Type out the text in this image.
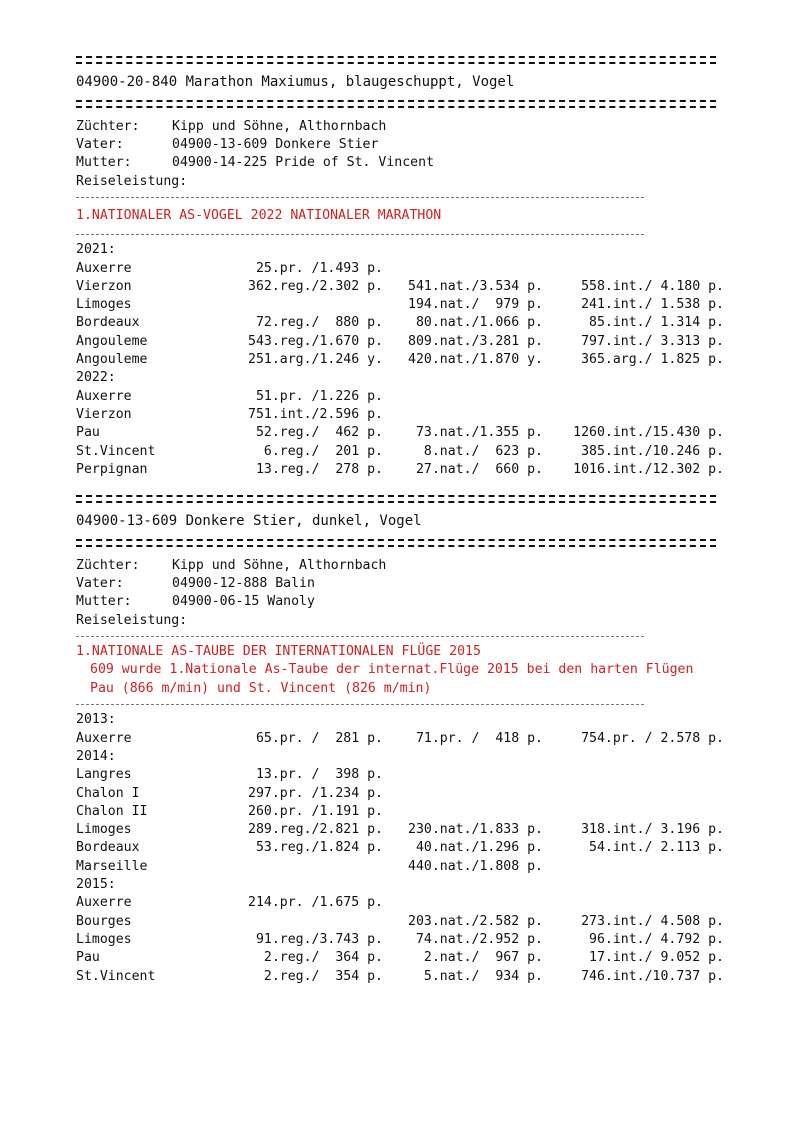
04900-20-840 Marathon Maxiumus, blaugeschuppt, Vogel
Züchter: Kipp und Söhne, Althornbach
Vater:	04900-13-609 Donkere Stier
Mutter:	04900-14-225 Pride of St. Vincent
Reiseleistung:
1.NATIONALER AS-VOGEL 2022 NATIONALER MARATHON
2021:
Auxerre	25.pr. /1.493 p.
Vierzon	362.reg./2.302 p. 541.nat./3.534 p.	558.int./ 4.180 p.
Limoges	194.nat./  979 p.	241.int./ 1.538 p.
Bordeaux	72.reg./  880 p. 80.nat./1.066 p.	85.int./ 1.314 p.
Angouleme	543.reg./1.670 p. 809.nat./3.281 p.	797.int./ 3.313 p.
Angouleme	251.arg./1.246 y. 420.nat./1.870 y.	365.arg./ 1.825 p.
2022:
Auxerre	51.pr. /1.226 p.
Vierzon	751.int./2.596 p.
Pau	52.reg./  462 p. 73.nat./1.355 p. 1260.int./15.430 p.
St.Vincent	6.reg./  201 p.	8.nat./  623 p.	385.int./10.246 p.
Perpignan	13.reg./  278 p. 27.nat./  660 p. 1016.int./12.302 p.
04900-13-609 Donkere Stier, dunkel, Vogel
Züchter: Kipp und Söhne, Althornbach
Vater:	04900-12-888 Balin
Mutter:	04900-06-15 Wanoly
Reiseleistung:
1.NATIONALE AS-TAUBE DER INTERNATIONALEN FLÜGE 2015
609 wurde 1.Nationale As-Taube der internat.Flüge 2015 bei den harten Flügen
Pau (866 m/min) und St. Vincent (826 m/min)
2013:
Auxerre	65.pr. /  281 p. 71.pr. /  418 p.	754.pr. / 2.578 p.
2014:
Langres	13.pr. /  398 p.
Chalon I	297.pr. /1.234 p.
Chalon II	260.pr. /1.191 p.
Limoges	289.reg./2.821 p. 230.nat./1.833 p.	318.int./ 3.196 p.
Bordeaux	53.reg./1.824 p. 40.nat./1.296 p.	54.int./ 2.113 p.
Marseille	440.nat./1.808 p.
2015:
Auxerre	214.pr. /1.675 p.
Bourges	203.nat./2.582 p.	273.int./ 4.508 p.
Limoges	91.reg./3.743 p. 74.nat./2.952 p.	96.int./ 4.792 p.
Pau	2.reg./  364 p.	2.nat./  967 p.	17.int./ 9.052 p.
St.Vincent	2.reg./  354 p.	5.nat./  934 p.	746.int./10.737 p.
